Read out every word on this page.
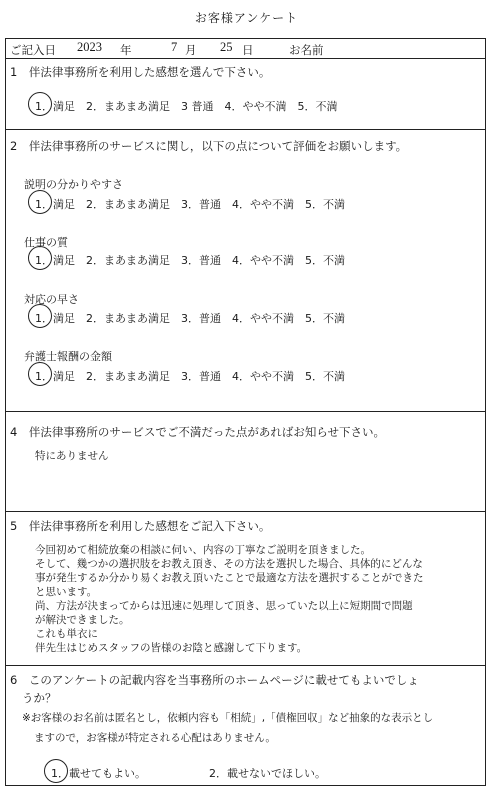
お客様アンケート
ご記入日 2023 年	7 月 25 日	お名前
1　伴法律事務所を利用した感想を選んで下さい。
1．満足　2．まあまあ満足　3 普通　4．やや不満　5．不満
2　伴法律事務所のサービスに関し，以下の点について評価をお願いします。
説明の分かりやすさ
1．満足　2．まあまあ満足　3．普通　4．やや不満　5．不満
仕事の質
1．満足　2．まあまあ満足　3．普通　4．やや不満　5．不満
対応の早さ
1．満足　2．まあまあ満足　3．普通　4．やや不満　5．不満
弁護士報酬の金額
1．満足　2．まあまあ満足　3．普通　4．やや不満　5．不満
4　伴法律事務所のサービスでご不満だった点があればお知らせ下さい。
特にありません
5　伴法律事務所を利用した感想をご記入下さい。
今回初めて相続放棄の相談に伺い、内容の丁寧なご説明を頂きました。
そして、幾つかの選択肢をお教え頂き、その方法を選択した場合、具体的にどんな
事が発生するか分かり易くお教え頂いたことで最適な方法を選択することができた
と思います。
尚、方法が決まってからは迅速に処理して頂き、思っていた以上に短期間で問題
が解決できました。
これも単衣に
伴先生はじめスタッフの皆様のお陰と感謝して下ります。
6　このアンケートの記載内容を当事務所のホームページに載せてもよいでしょ
うか？
※お客様のお名前は匿名とし，依頼内容も「相続」,「債権回収」など抽象的な表示とし
ますので，お客様が特定される心配はありません。
1．載せてもよい。	2．載せないでほしい。
